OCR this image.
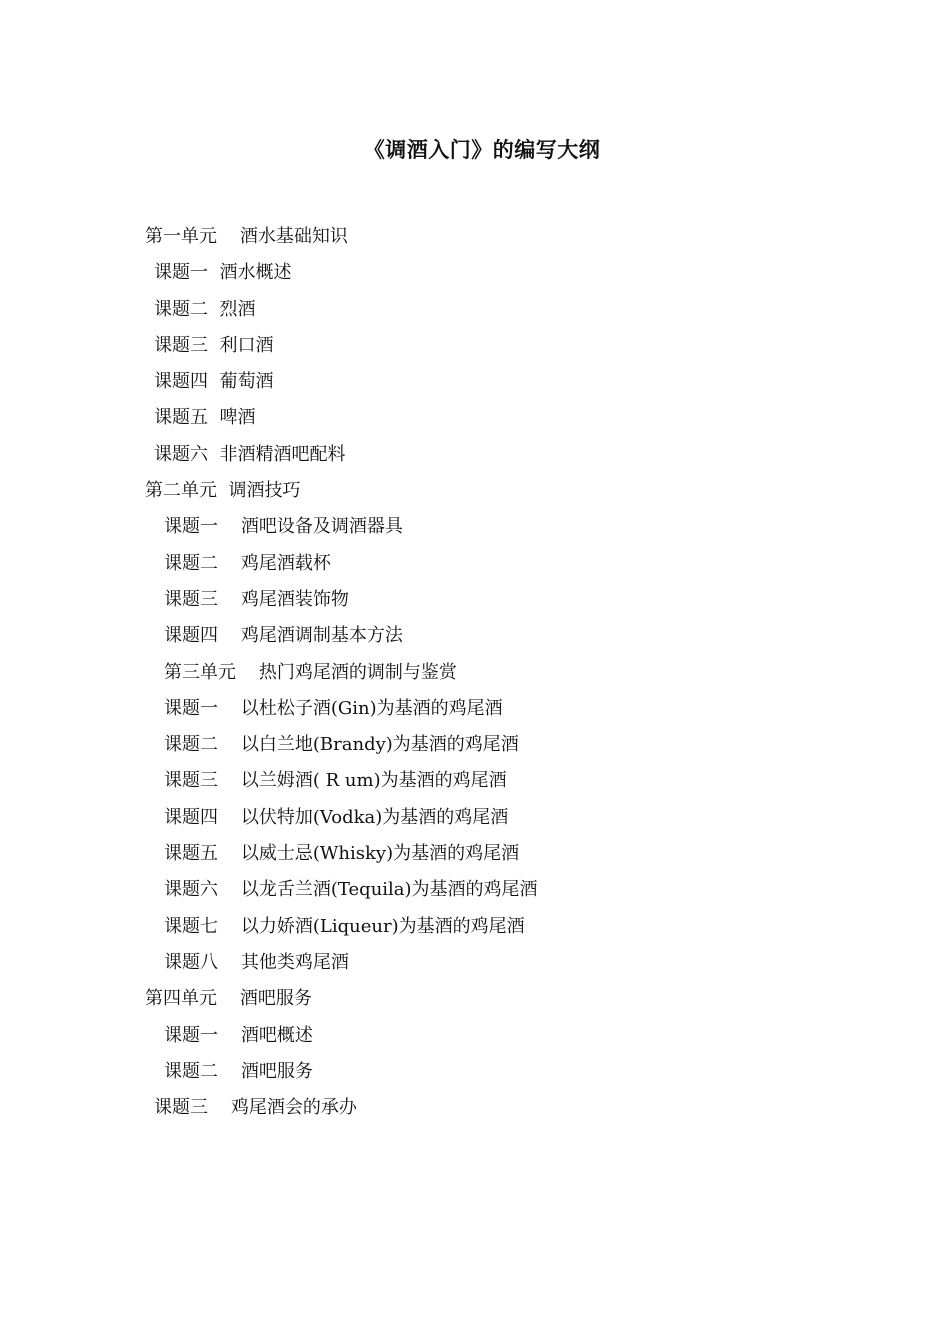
《调酒入门》的编写大纲
第一单元    酒水基础知识
课题一  酒水概述
课题二  烈酒
课题三  利口酒
课题四  葡萄酒
课题五  啤酒
课题六  非酒精酒吧配料
第二单元  调酒技巧
课题一    酒吧设备及调酒器具
课题二    鸡尾酒载杯
课题三    鸡尾酒装饰物
课题四    鸡尾酒调制基本方法
第三单元    热门鸡尾酒的调制与鉴赏
课题一    以杜松子酒(Gin)为基酒的鸡尾酒
课题二    以白兰地(Brandy)为基酒的鸡尾酒
课题三    以兰姆酒( R um)为基酒的鸡尾酒
课题四    以伏特加(Vodka)为基酒的鸡尾酒
课题五    以威士忌(Whisky)为基酒的鸡尾酒
课题六    以龙舌兰酒(Tequila)为基酒的鸡尾酒
课题七    以力娇酒(Liqueur)为基酒的鸡尾酒
课题八    其他类鸡尾酒
第四单元    酒吧服务
课题一    酒吧概述
课题二    酒吧服务
课题三    鸡尾酒会的承办
